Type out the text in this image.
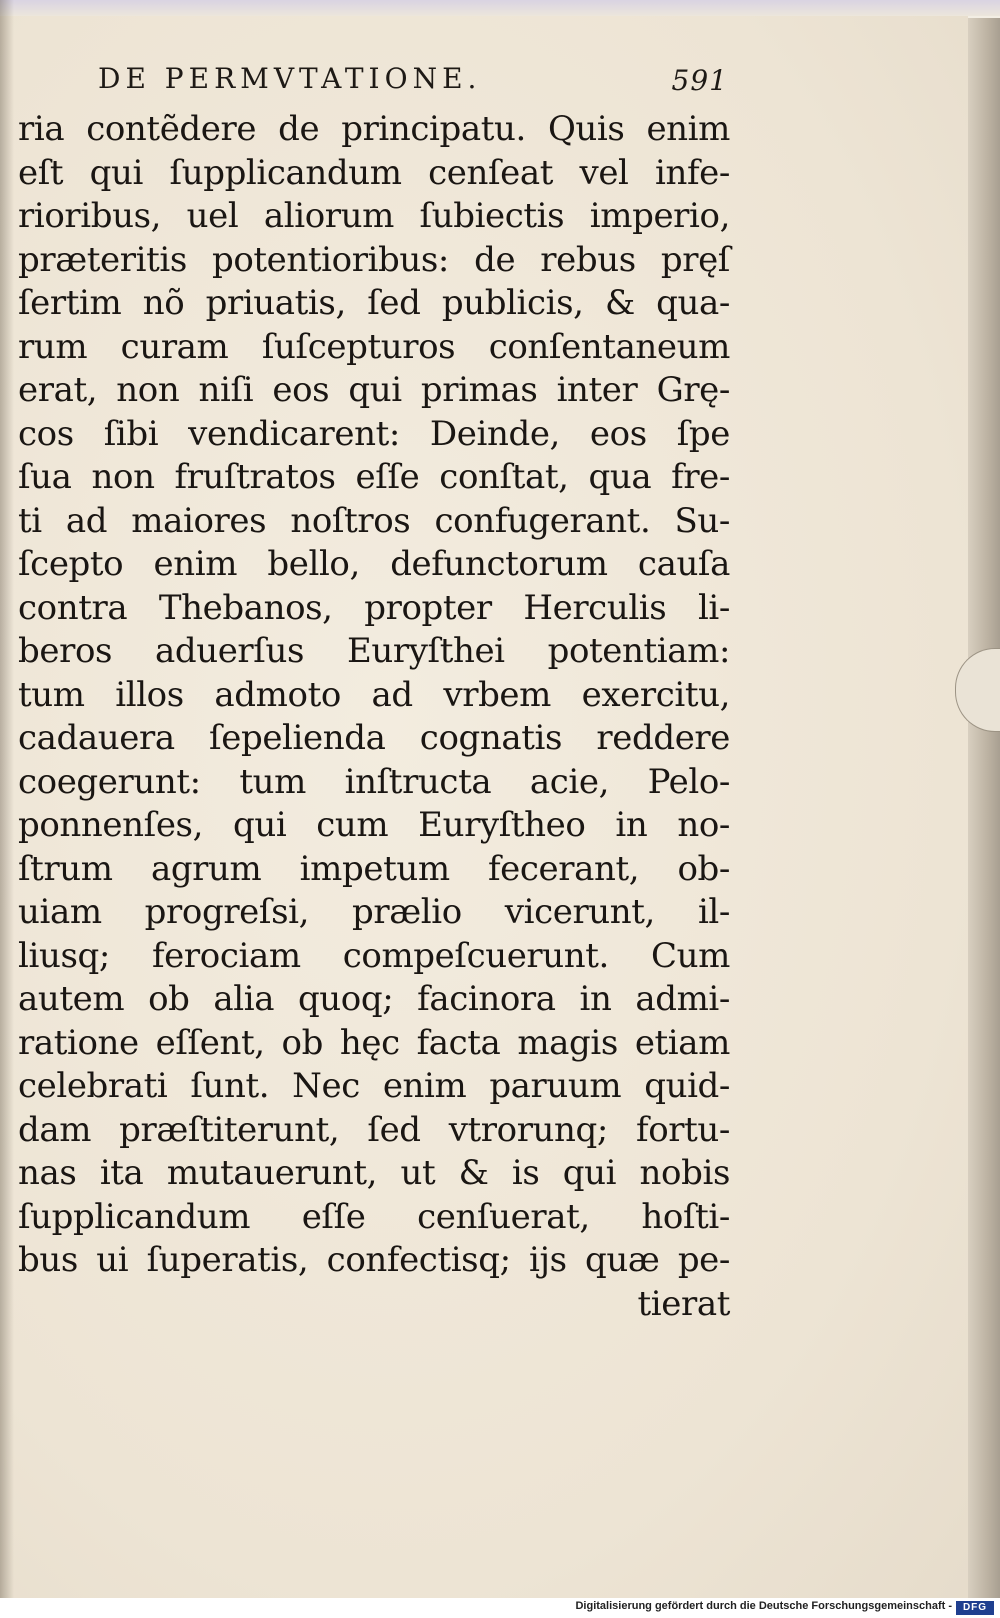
DE PERMVTATIONE.	591
ria contẽdere de principatu. Quis enim
eſt qui ſupplicandum cenſeat vel infe-
rioribus, uel aliorum ſubiectis imperio,
præteritis potentioribus: de rebus pręſ
ſertim nõ priuatis, ſed publicis, & qua-
rum curam ſuſcepturos conſentaneum
erat, non niſi eos qui primas inter Grę-
cos ſibi vendicarent: Deinde, eos ſpe
ſua non fruſtratos eſſe conſtat, qua fre-
ti ad maiores noſtros confugerant. Su-
ſcepto enim bello, defunctorum cauſa
contra Thebanos, propter Herculis li-
beros aduerſus Euryſthei potentiam:
tum illos admoto ad vrbem exercitu,
cadauera ſepelienda cognatis reddere
coegerunt: tum inſtructa acie, Pelo-
ponnenſes, qui cum Euryſtheo in no-
ſtrum agrum impetum fecerant, ob-
uiam progreſsi, prælio vicerunt, il-
liusq; ferociam compeſcuerunt. Cum
autem ob alia quoq; facinora in admi-
ratione eſſent, ob hęc facta magis etiam
celebrati ſunt. Nec enim paruum quid-
dam præſtiterunt, ſed vtrorunq; fortu-
nas ita mutauerunt, ut & is qui nobis
ſupplicandum eſſe cenſuerat, hoſti-
bus ui ſuperatis, confectisq; ijs quæ pe-
tierat
Digitalisierung gefördert durch die Deutsche Forschungsgemeinschaft -	DFG
